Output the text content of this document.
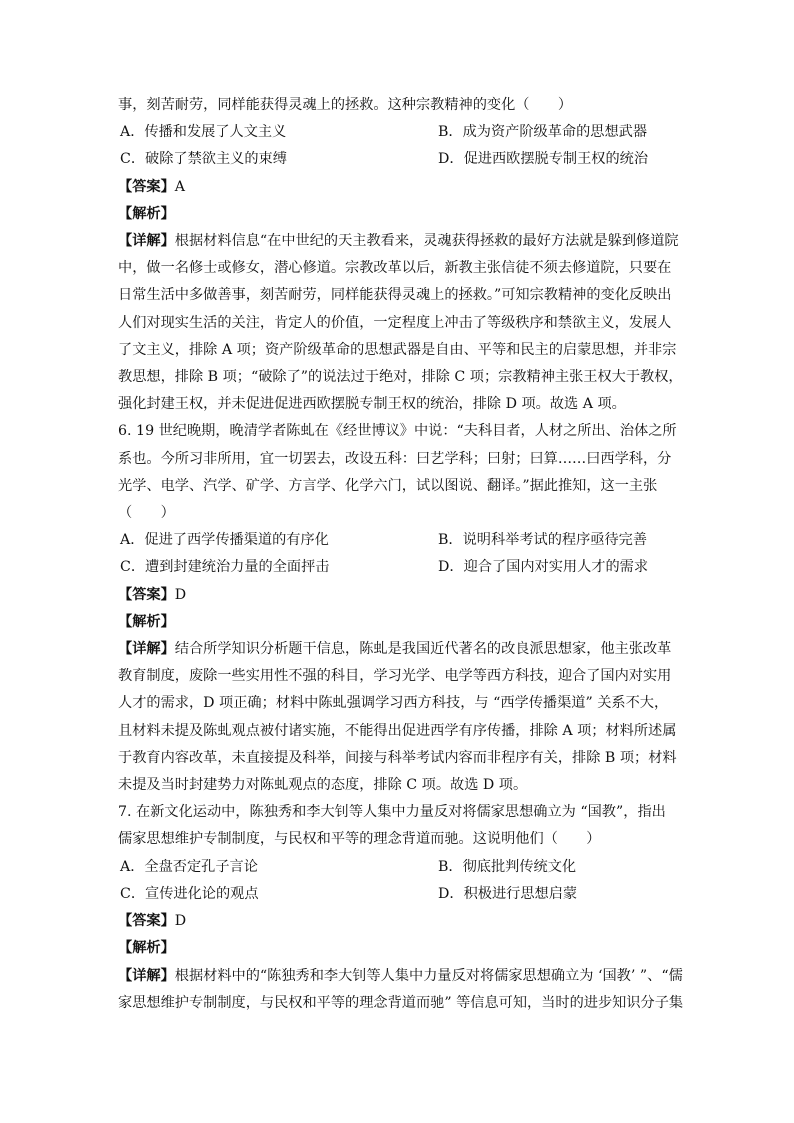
事，刻苦耐劳，同样能获得灵魂上的拯救。这种宗教精神的变化（　　）

A．传播和发展了人文主义	B．成为资产阶级革命的思想武器
C．破除了禁欲主义的束缚	D．促进西欧摆脱专制王权的统治

【答案】A

【解析】

【详解】根据材料信息“在中世纪的天主教看来，灵魂获得拯救的最好方法就是躲到修道院

中，做一名修士或修女，潜心修道。宗教改革以后，新教主张信徒不须去修道院，只要在

日常生活中多做善事，刻苦耐劳，同样能获得灵魂上的拯救。”可知宗教精神的变化反映出

人们对现实生活的关注，肯定人的价值，一定程度上冲击了等级秩序和禁欲主义，发展人

了文主义，排除 A 项；资产阶级革命的思想武器是自由、平等和民主的启蒙思想，并非宗

教思想，排除 B 项；“破除了”的说法过于绝对，排除 C 项；宗教精神主张王权大于教权，

强化封建王权，并未促进促进西欧摆脱专制王权的统治，排除 D 项。故选 A 项。

6. 19 世纪晚期，晚清学者陈虬在《经世博议》中说：“夫科目者，人材之所出、治体之所

系也。今所习非所用，宜一切罢去，改设五科：曰艺学科；曰射；曰算……曰西学科，分

光学、电学、汽学、矿学、方言学、化学六门，试以图说、翻译。”据此推知，这一主张

（　　）

A．促进了西学传播渠道的有序化	B．说明科举考试的程序亟待完善
C．遭到封建统治力量的全面抨击	D．迎合了国内对实用人才的需求

【答案】D

【解析】

【详解】结合所学知识分析题干信息，陈虬是我国近代著名的改良派思想家，他主张改革

教育制度，废除一些实用性不强的科目，学习光学、电学等西方科技，迎合了国内对实用

人才的需求，D 项正确；材料中陈虬强调学习西方科技，与 “西学传播渠道” 关系不大，

且材料未提及陈虬观点被付诸实施，不能得出促进西学有序传播，排除 A 项；材料所述属

于教育内容改革，未直接提及科举，间接与科举考试内容而非程序有关，排除 B 项；材料

未提及当时封建势力对陈虬观点的态度，排除 C 项。故选 D 项。

7. 在新文化运动中，陈独秀和李大钊等人集中力量反对将儒家思想确立为 “国教”，指出

儒家思想维护专制制度，与民权和平等的理念背道而驰。这说明他们（　　）

A．全盘否定孔子言论	B．彻底批判传统文化
C．宣传进化论的观点	D．积极进行思想启蒙

【答案】D

【解析】

【详解】根据材料中的“陈独秀和李大钊等人集中力量反对将儒家思想确立为 ‘国教’ ”、“儒

家思想维护专制制度，与民权和平等的理念背道而驰” 等信息可知，当时的进步知识分子集
